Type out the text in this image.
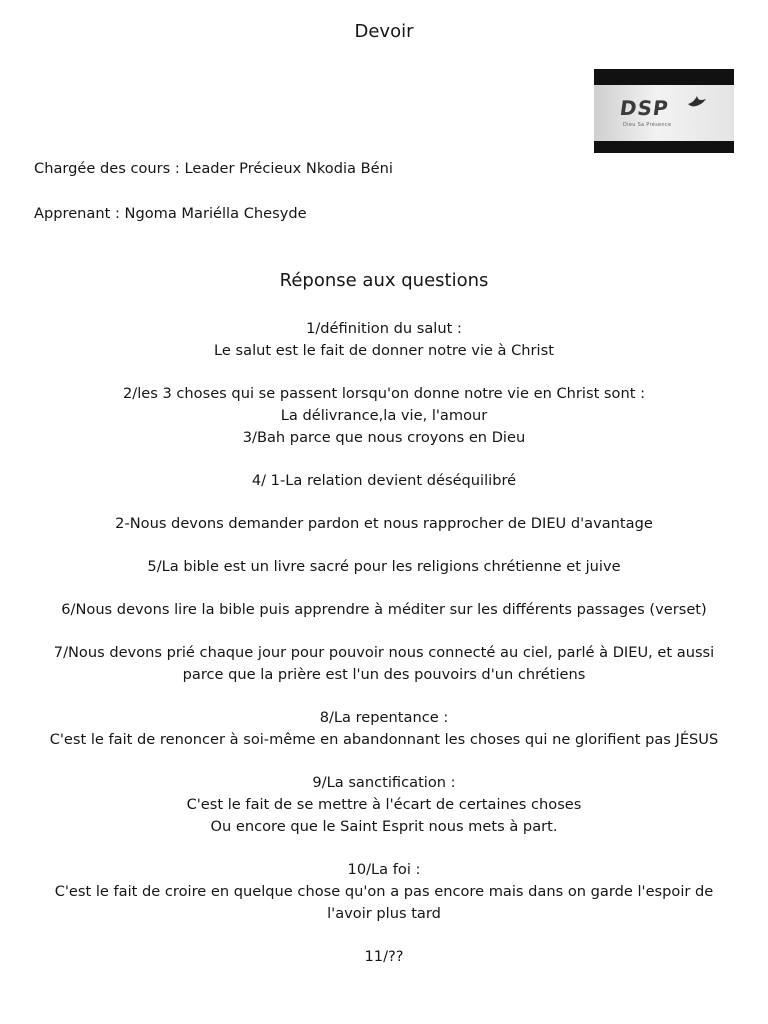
Devoir
DSP
Dieu Sa Présence
Chargée des cours : Leader Précieux Nkodia Béni
Apprenant : Ngoma Mariélla Chesyde
Réponse aux questions
1/définition du salut :
Le salut est le fait de donner notre vie à Christ
2/les 3 choses qui se passent lorsqu'on donne notre vie en Christ sont :
La délivrance,la vie, l'amour
3/Bah parce que nous croyons en Dieu
4/ 1-La relation devient déséquilibré
2-Nous devons demander pardon et nous rapprocher de DIEU d'avantage
5/La bible est un livre sacré pour les religions chrétienne et juive
6/Nous devons lire la bible puis apprendre à méditer sur les différents passages (verset)
7/Nous devons prié chaque jour pour pouvoir nous connecté au ciel, parlé à DIEU, et aussi
parce que la prière est l'un des pouvoirs d'un chrétiens
8/La repentance :
C'est le fait de renoncer à soi-même en abandonnant les choses qui ne glorifient pas JÉSUS
9/La sanctification :
C'est le fait de se mettre à l'écart de certaines choses
Ou encore que le Saint Esprit nous mets à part.
10/La foi :
C'est le fait de croire en quelque chose qu'on a pas encore mais dans on garde l'espoir de
l'avoir plus tard
11/??
